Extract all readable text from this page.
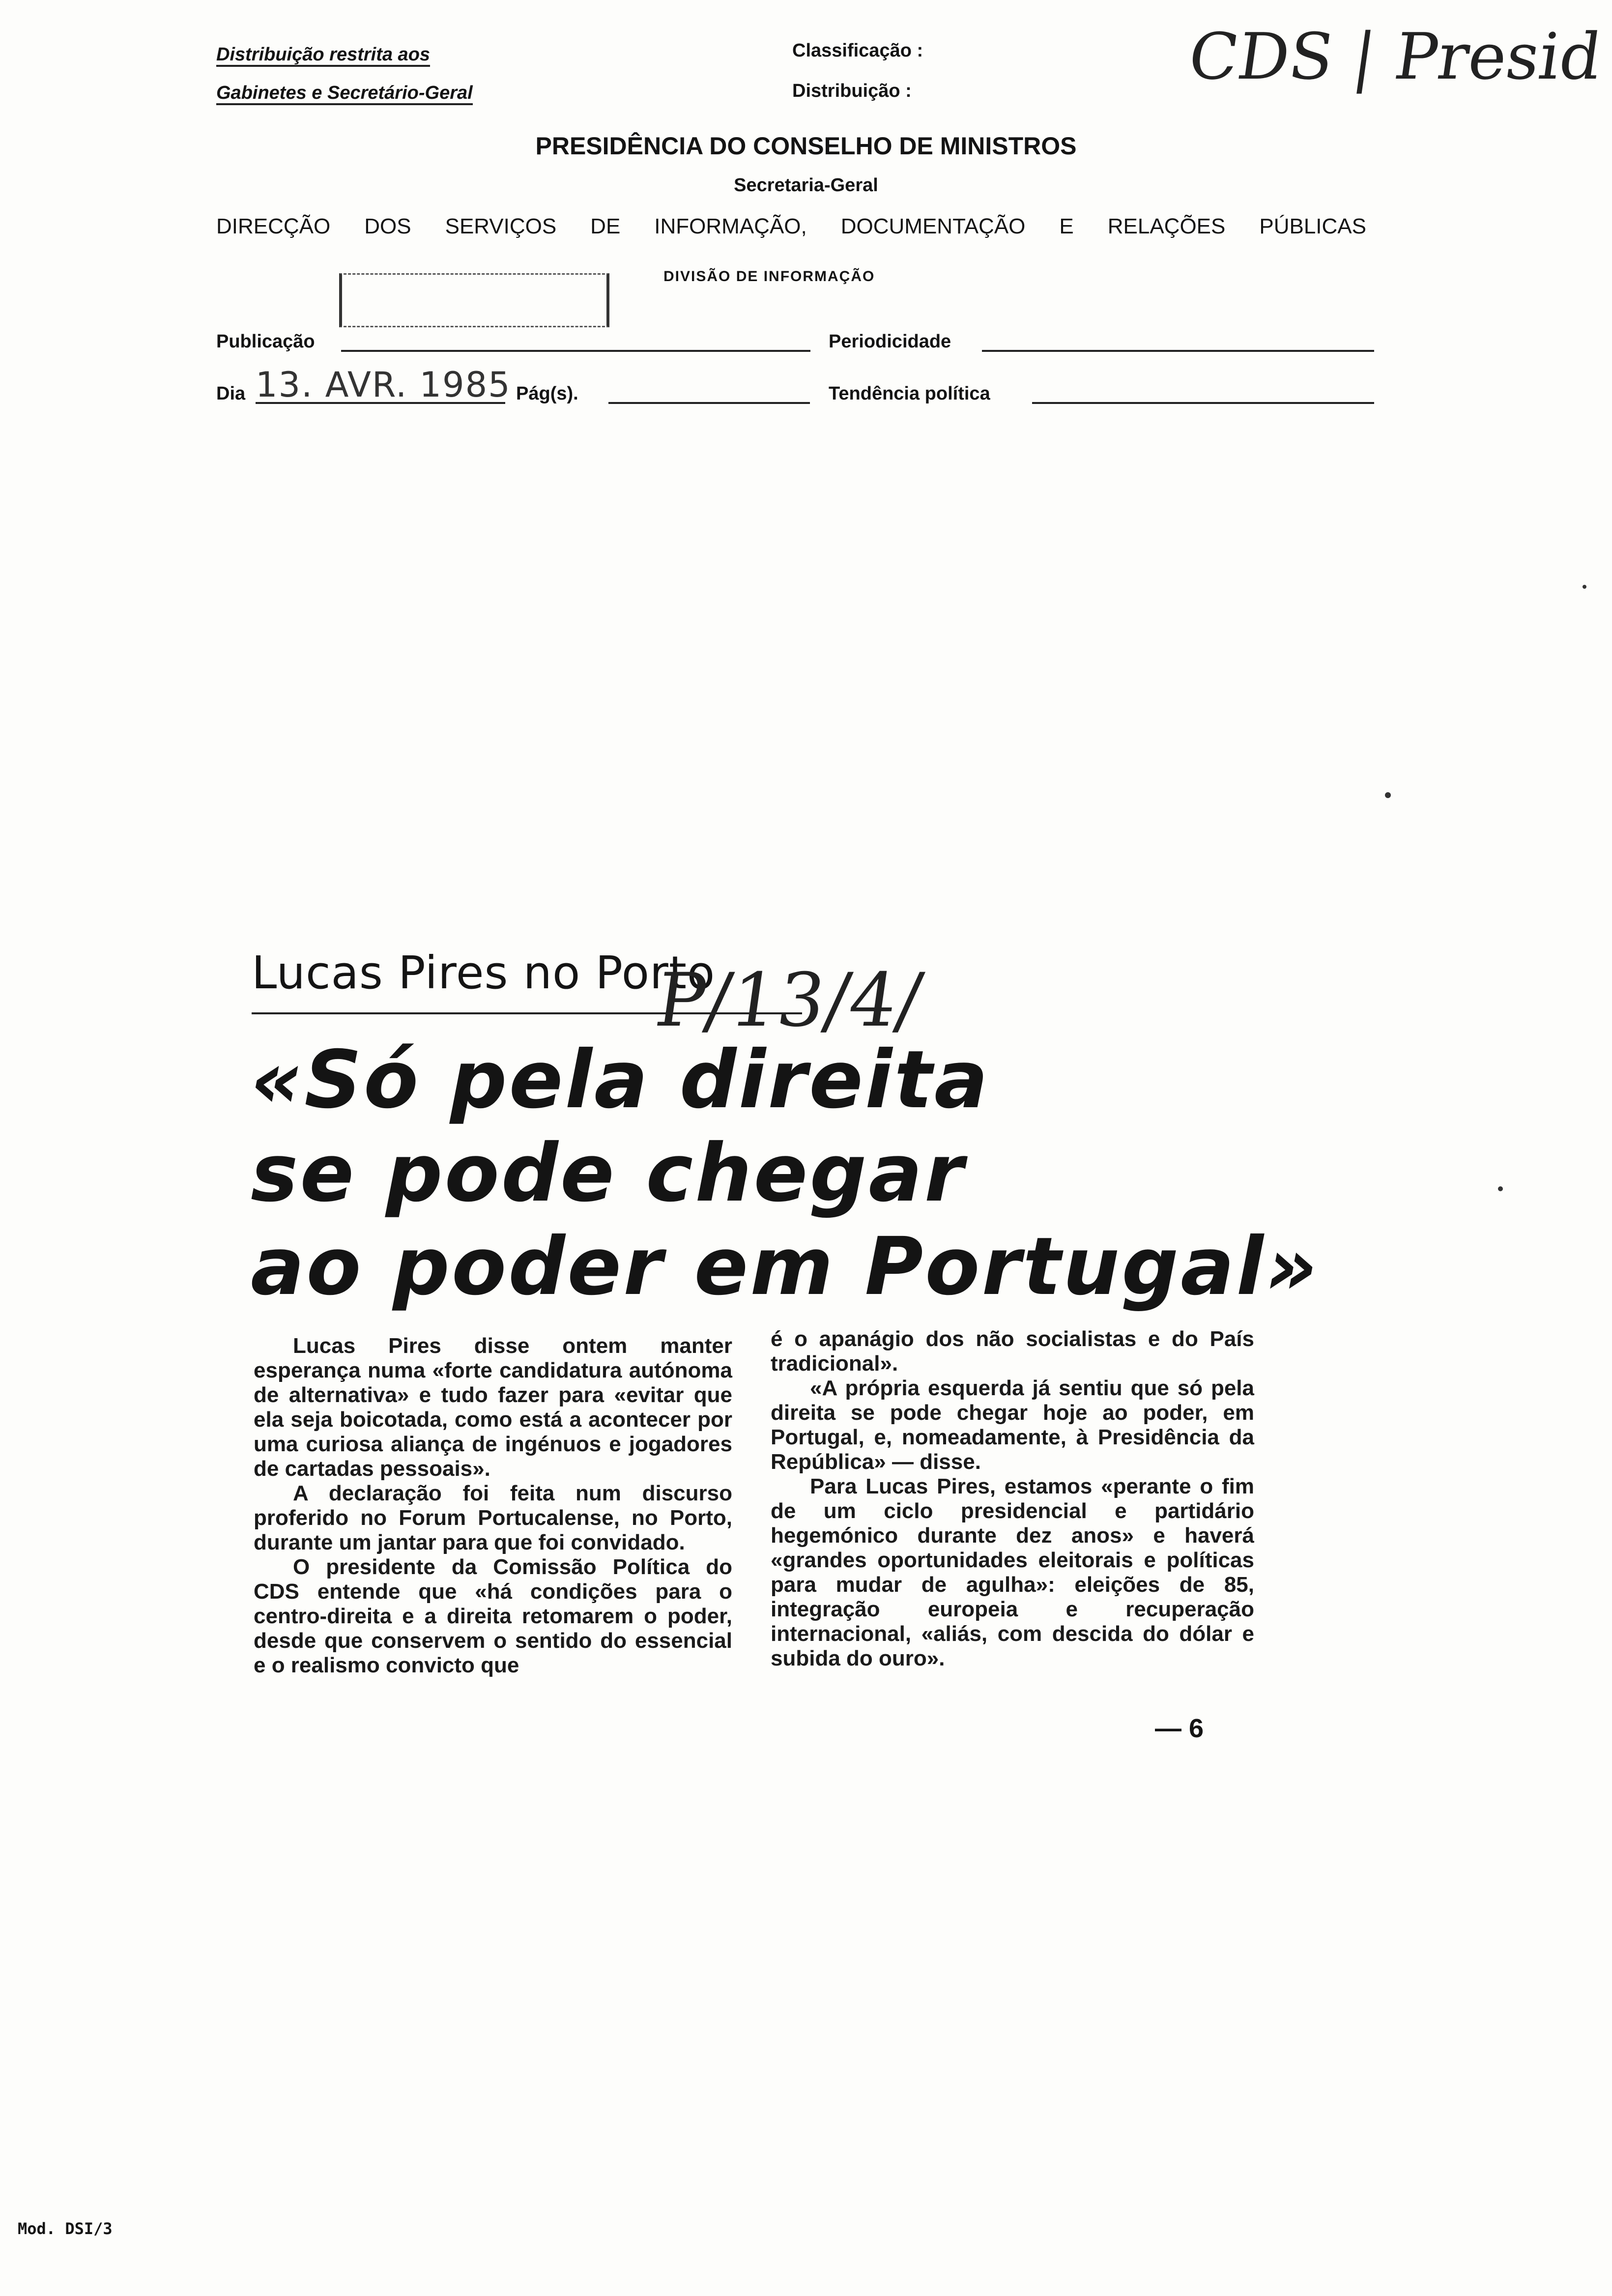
Distribuição restrita aos
Gabinetes e Secretário-Geral
Classificação :
Distribuição :	CDS | Presid
PRESIDÊNCIA DO CONSELHO DE MINISTROS
Secretaria-Geral
DIRECÇÃO DOS SERVIÇOS DE INFORMAÇÃO, DOCUMENTAÇÃO E RELAÇÕES PÚBLICAS
DIVISÃO DE INFORMAÇÃO
Publicação	Periodicidade
Dia 13. AVR. 1985 Pág(s).	Tendência política
Lucas Pires no Porto
P/13/4/
«Só pela direita
se pode chegar
ao poder em Portugal»

Lucas Pires disse ontem manter esperança numa «forte candidatura autónoma de alternativa» e tudo fazer para «evitar que ela seja boicotada, como está a acontecer por uma curiosa aliança de ingénuos e jogadores de cartadas pessoais».

A declaração foi feita num discurso proferido no Forum Portucalense, no Porto, durante um jantar para que foi convidado.

O presidente da Comissão Política do CDS entende que «há condições para o centro-direita e a direita retomarem o poder, desde que conservem o sentido do essencial e o realismo convicto que

é o apanágio dos não socialistas e do País tradicional».

«A própria esquerda já sentiu que só pela direita se pode chegar hoje ao poder, em Portugal, e, nomeadamente, à Presidência da República» — disse.

Para Lucas Pires, estamos «perante o fim de um ciclo presidencial e partidário hegemónico durante dez anos» e haverá «grandes oportunidades eleitorais e políticas para mudar de agulha»: eleições de 85, integração europeia e recuperação internacional, «aliás, com descida do dólar e subida do ouro».

— 6
Mod. DSI/3
